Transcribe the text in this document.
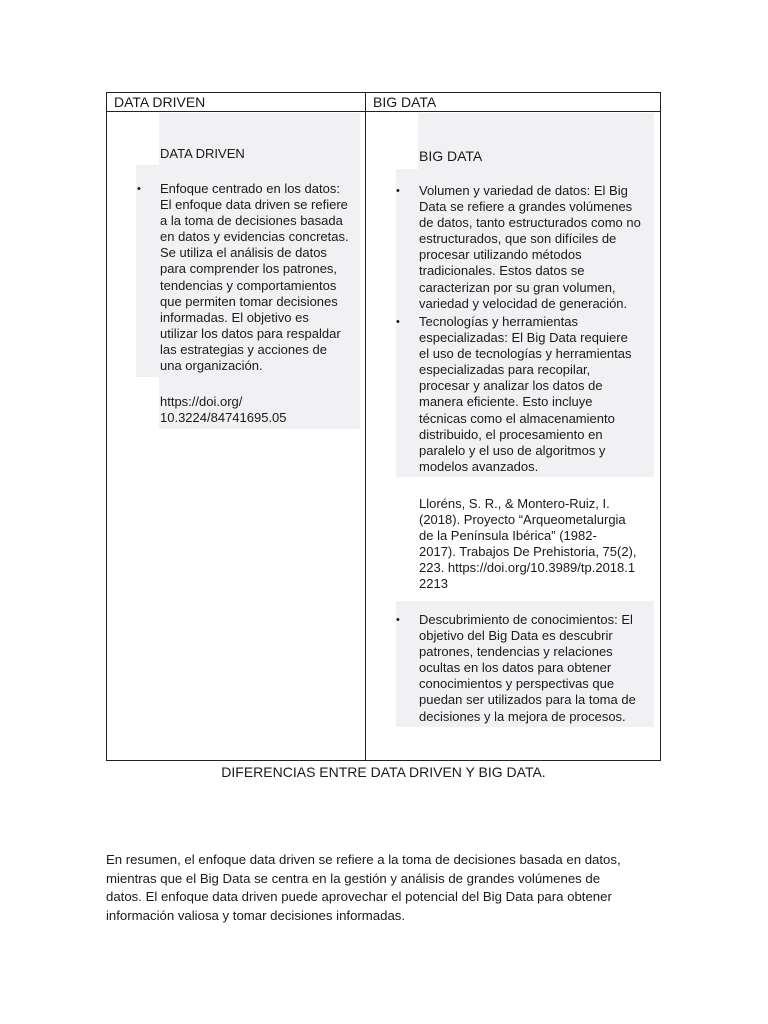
DATA DRIVEN	BIG DATA
DATA DRIVEN
• Enfoque centrado en los datos:
El enfoque data driven se refiere
a la toma de decisiones basada
en datos y evidencias concretas.
Se utiliza el análisis de datos
para comprender los patrones,
tendencias y comportamientos
que permiten tomar decisiones
informadas. El objetivo es
utilizar los datos para respaldar
las estrategias y acciones de
una organización.
https://doi.org/
10.3224/84741695.05
BIG DATA
• Volumen y variedad de datos: El Big
Data se refiere a grandes volúmenes
de datos, tanto estructurados como no
estructurados, que son difíciles de
procesar utilizando métodos
tradicionales. Estos datos se
caracterizan por su gran volumen,
variedad y velocidad de generación.
• Tecnologías y herramientas
especializadas: El Big Data requiere
el uso de tecnologías y herramientas
especializadas para recopilar,
procesar y analizar los datos de
manera eficiente. Esto incluye
técnicas como el almacenamiento
distribuido, el procesamiento en
paralelo y el uso de algoritmos y
modelos avanzados.
Lloréns, S. R., & Montero-Ruiz, I.
(2018). Proyecto “Arqueometalurgia
de la Península Ibérica” (1982-
2017). Trabajos De Prehistoria, 75(2),
223. https://doi.org/10.3989/tp.2018.1
2213
• Descubrimiento de conocimientos: El
objetivo del Big Data es descubrir
patrones, tendencias y relaciones
ocultas en los datos para obtener
conocimientos y perspectivas que
puedan ser utilizados para la toma de
decisiones y la mejora de procesos.
DIFERENCIAS ENTRE DATA DRIVEN Y BIG DATA.
En resumen, el enfoque data driven se refiere a la toma de decisiones basada en datos,
mientras que el Big Data se centra en la gestión y análisis de grandes volúmenes de
datos. El enfoque data driven puede aprovechar el potencial del Big Data para obtener
información valiosa y tomar decisiones informadas.
